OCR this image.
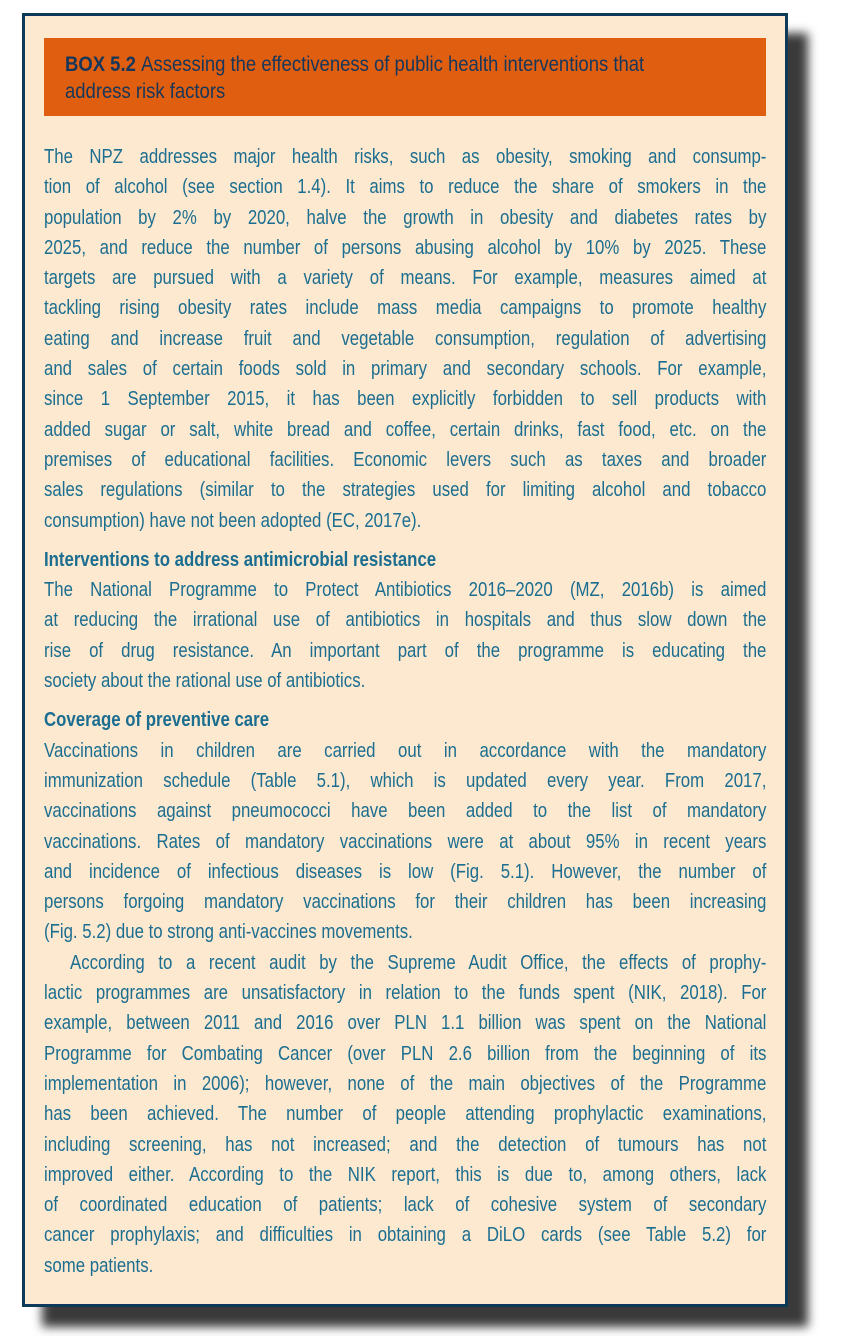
BOX 5.2 Assessing the effectiveness of public health interventions that
address risk factors
The NPZ addresses major health risks, such as obesity, smoking and consump-
tion of alcohol (see section 1.4). It aims to reduce the share of smokers in the
population by 2% by 2020, halve the growth in obesity and diabetes rates by
2025, and reduce the number of persons abusing alcohol by 10% by 2025. These
targets are pursued with a variety of means. For example, measures aimed at
tackling rising obesity rates include mass media campaigns to promote healthy
eating and increase fruit and vegetable consumption, regulation of advertising
and sales of certain foods sold in primary and secondary schools. For example,
since 1 September 2015, it has been explicitly forbidden to sell products with
added sugar or salt, white bread and coffee, certain drinks, fast food, etc. on the
premises of educational facilities. Economic levers such as taxes and broader
sales regulations (similar to the strategies used for limiting alcohol and tobacco
consumption) have not been adopted (EC, 2017e).
Interventions to address antimicrobial resistance
The National Programme to Protect Antibiotics 2016–2020 (MZ, 2016b) is aimed
at reducing the irrational use of antibiotics in hospitals and thus slow down the
rise of drug resistance. An important part of the programme is educating the
society about the rational use of antibiotics.
Coverage of preventive care
Vaccinations in children are carried out in accordance with the mandatory
immunization schedule (Table 5.1), which is updated every year. From 2017,
vaccinations against pneumococci have been added to the list of mandatory
vaccinations. Rates of mandatory vaccinations were at about 95% in recent years
and incidence of infectious diseases is low (Fig. 5.1). However, the number of
persons forgoing mandatory vaccinations for their children has been increasing
(Fig. 5.2) due to strong anti-vaccines movements.
According to a recent audit by the Supreme Audit Office, the effects of prophy-
lactic programmes are unsatisfactory in relation to the funds spent (NIK, 2018). For
example, between 2011 and 2016 over PLN 1.1 billion was spent on the National
Programme for Combating Cancer (over PLN 2.6 billion from the beginning of its
implementation in 2006); however, none of the main objectives of the Programme
has been achieved. The number of people attending prophylactic examinations,
including screening, has not increased; and the detection of tumours has not
improved either. According to the NIK report, this is due to, among others, lack
of coordinated education of patients; lack of cohesive system of secondary
cancer prophylaxis; and difficulties in obtaining a DiLO cards (see Table 5.2) for
some patients.
